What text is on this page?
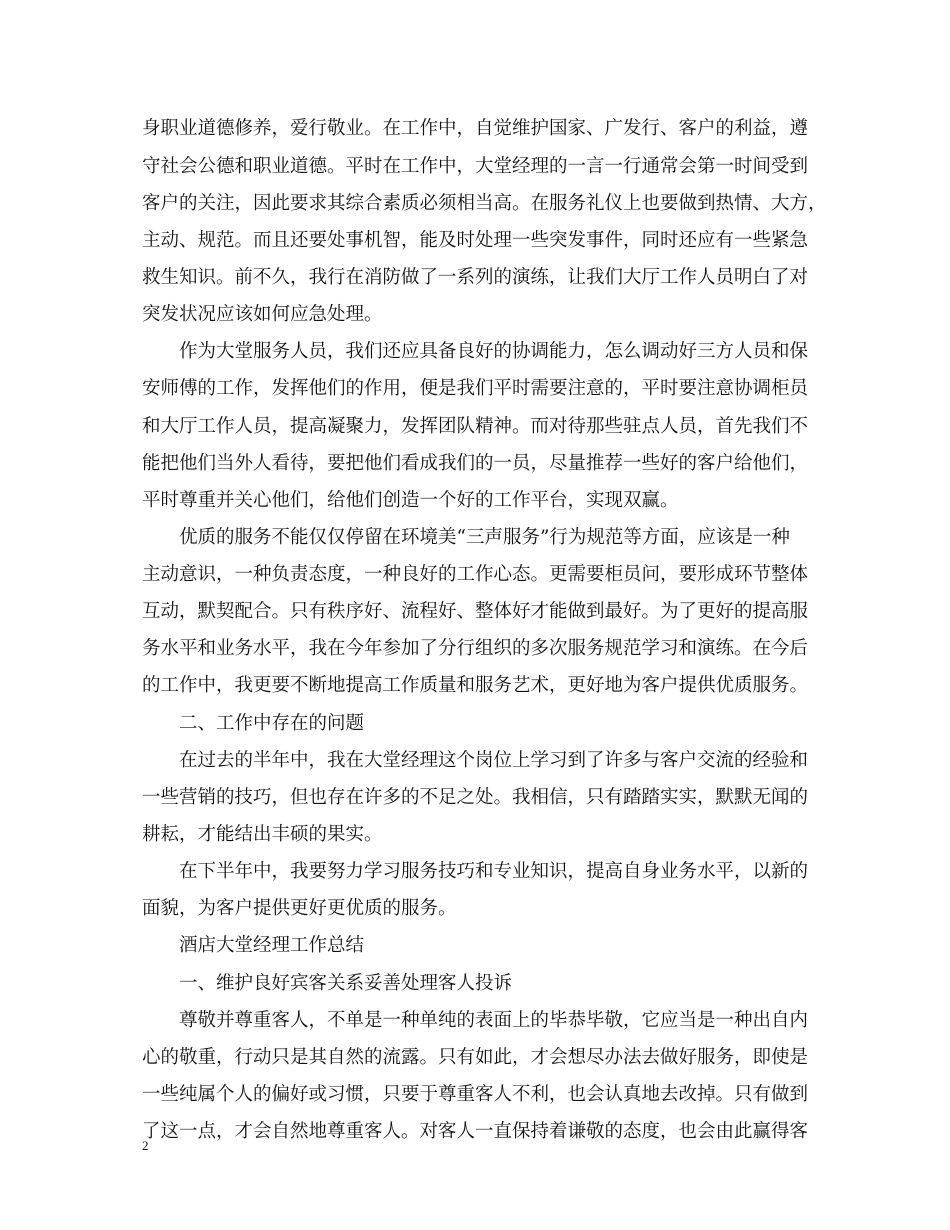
身职业道德修养，爱行敬业。在工作中，自觉维护国家、广发行、客户的利益，遵
守社会公德和职业道德。平时在工作中，大堂经理的一言一行通常会第一时间受到
客户的关注，因此要求其综合素质必须相当高。在服务礼仪上也要做到热情、大方，
主动、规范。而且还要处事机智，能及时处理一些突发事件，同时还应有一些紧急
救生知识。前不久，我行在消防做了一系列的演练，让我们大厅工作人员明白了对
突发状况应该如何应急处理。
作为大堂服务人员，我们还应具备良好的协调能力，怎么调动好三方人员和保
安师傅的工作，发挥他们的作用，便是我们平时需要注意的，平时要注意协调柜员
和大厅工作人员，提高凝聚力，发挥团队精神。而对待那些驻点人员，首先我们不
能把他们当外人看待，要把他们看成我们的一员，尽量推荐一些好的客户给他们，
平时尊重并关心他们，给他们创造一个好的工作平台，实现双赢。
优质的服务不能仅仅停留在环境美“三声服务”行为规范等方面，应该是一种
主动意识，一种负责态度，一种良好的工作心态。更需要柜员问，要形成环节整体
互动，默契配合。只有秩序好、流程好、整体好才能做到最好。为了更好的提高服
务水平和业务水平，我在今年参加了分行组织的多次服务规范学习和演练。在今后
的工作中，我更要不断地提高工作质量和服务艺术，更好地为客户提供优质服务。
二、工作中存在的问题
在过去的半年中，我在大堂经理这个岗位上学习到了许多与客户交流的经验和
一些营销的技巧，但也存在许多的不足之处。我相信，只有踏踏实实，默默无闻的
耕耘，才能结出丰硕的果实。
在下半年中，我要努力学习服务技巧和专业知识，提高自身业务水平，以新的
面貌，为客户提供更好更优质的服务。
酒店大堂经理工作总结
一、维护良好宾客关系妥善处理客人投诉
尊敬并尊重客人，不单是一种单纯的表面上的毕恭毕敬，它应当是一种出自内
心的敬重，行动只是其自然的流露。只有如此，才会想尽办法去做好服务，即使是
一些纯属个人的偏好或习惯，只要于尊重客人不利，也会认真地去改掉。只有做到
了这一点，才会自然地尊重客人。对客人一直保持着谦敬的态度，也会由此赢得客
2
